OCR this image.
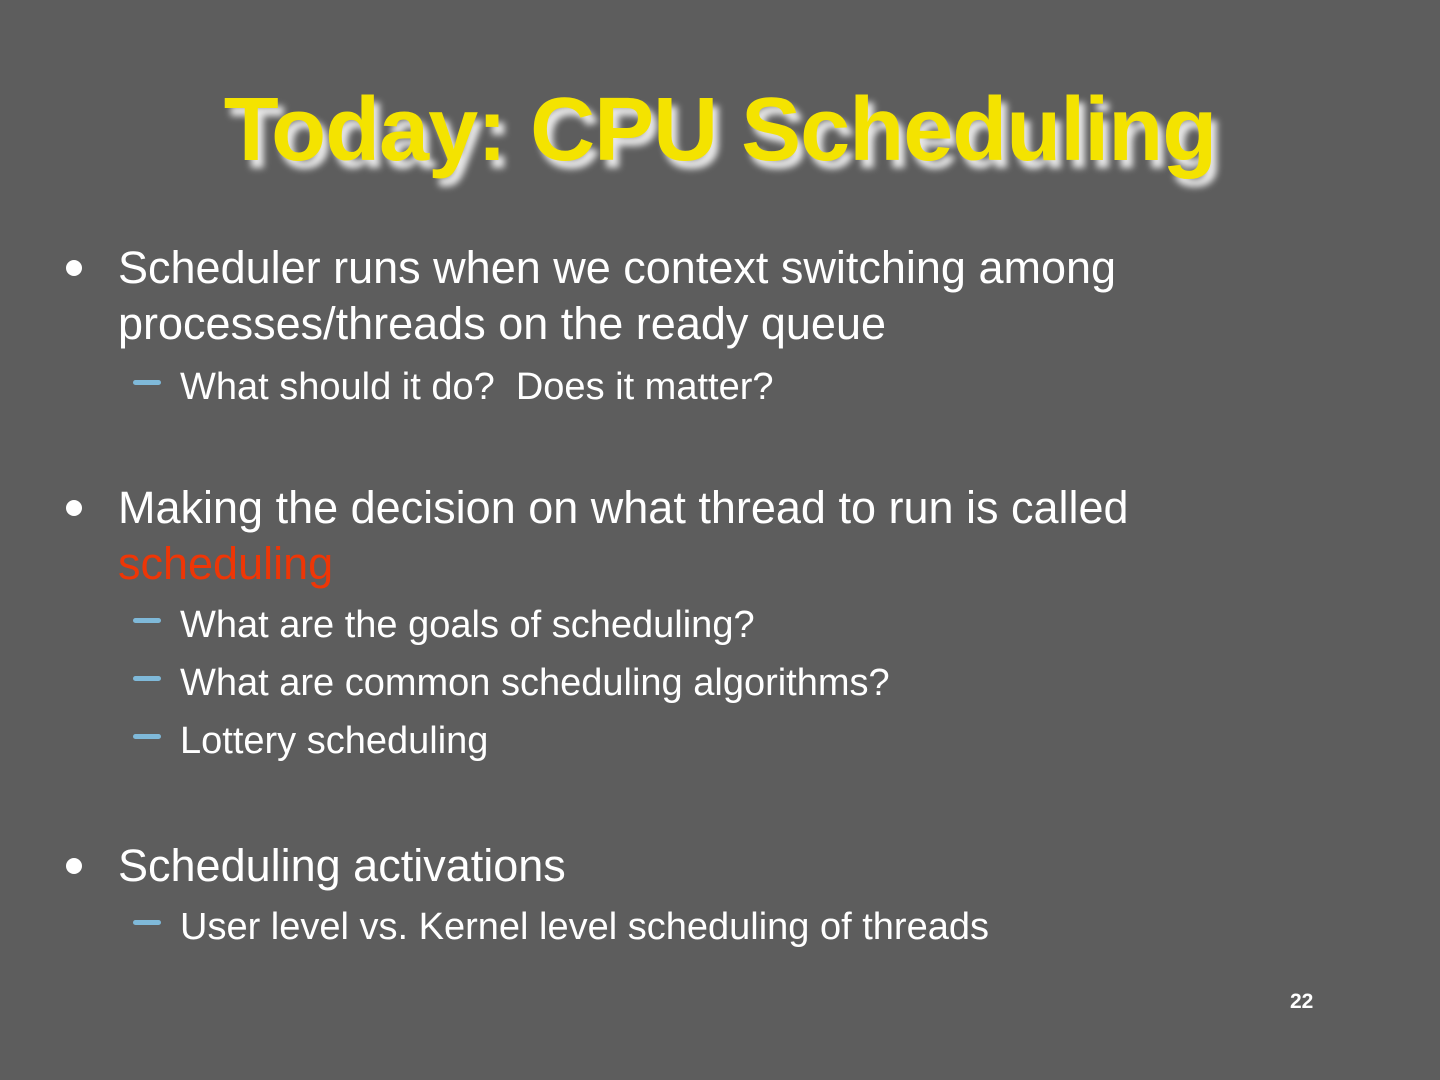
Today: CPU Scheduling

Scheduler runs when we context switching among processes/threads on the ready queue

What should it do?  Does it matter?

Making the decision on what thread to run is called
scheduling

What are the goals of scheduling?

What are common scheduling algorithms?

Lottery scheduling

Scheduling activations

User level vs. Kernel level scheduling of threads

22
